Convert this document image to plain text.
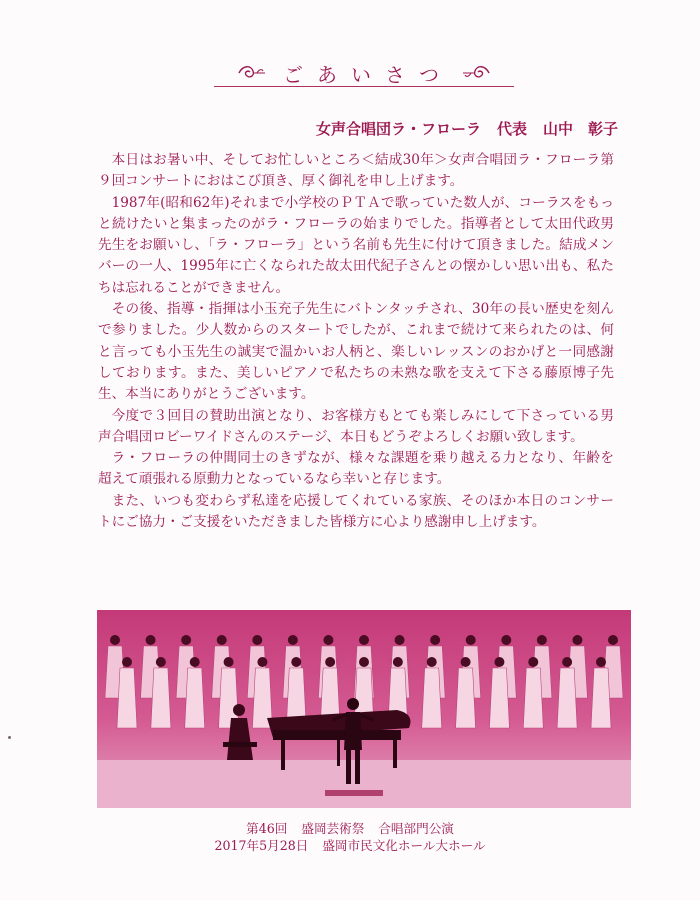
ごあいさつ
女声合唱団ラ・フローラ 代表 山中　彰子

本日はお暑い中、そしてお忙しいところ＜結成30年＞女声合唱団ラ・フローラ第９回コンサートにおはこび頂き、厚く御礼を申し上げます。

1987年(昭和62年)それまで小学校のＰＴＡで歌っていた数人が、コーラスをもっと続けたいと集まったのがラ・フローラの始まりでした。指導者として太田代政男先生をお願いし、「ラ・フローラ」という名前も先生に付けて頂きました。結成メンバーの一人、1995年に亡くなられた故太田代紀子さんとの懐かしい思い出も、私たちは忘れることができません。

その後、指導・指揮は小玉充子先生にバトンタッチされ、30年の長い歴史を刻んで参りました。少人数からのスタートでしたが、これまで続けて来られたのは、何と言っても小玉先生の誠実で温かいお人柄と、楽しいレッスンのおかげと一同感謝しております。また、美しいピアノで私たちの未熟な歌を支えて下さる藤原博子先生、本当にありがとうございます。

今度で３回目の賛助出演となり、お客様方もとても楽しみにして下さっている男声合唱団ロビーワイドさんのステージ、本日もどうぞよろしくお願い致します。

ラ・フローラの仲間同士のきずなが、様々な課題を乗り越える力となり、年齢を超えて頑張れる原動力となっているなら幸いと存じます。

また、いつも変わらず私達を応援してくれている家族、そのほか本日のコンサートにご協力・ご支援をいただきました皆様方に心より感謝申し上げます。

第46回 盛岡芸術祭 合唱部門公演
2017年5月28日 盛岡市民文化ホール大ホール
